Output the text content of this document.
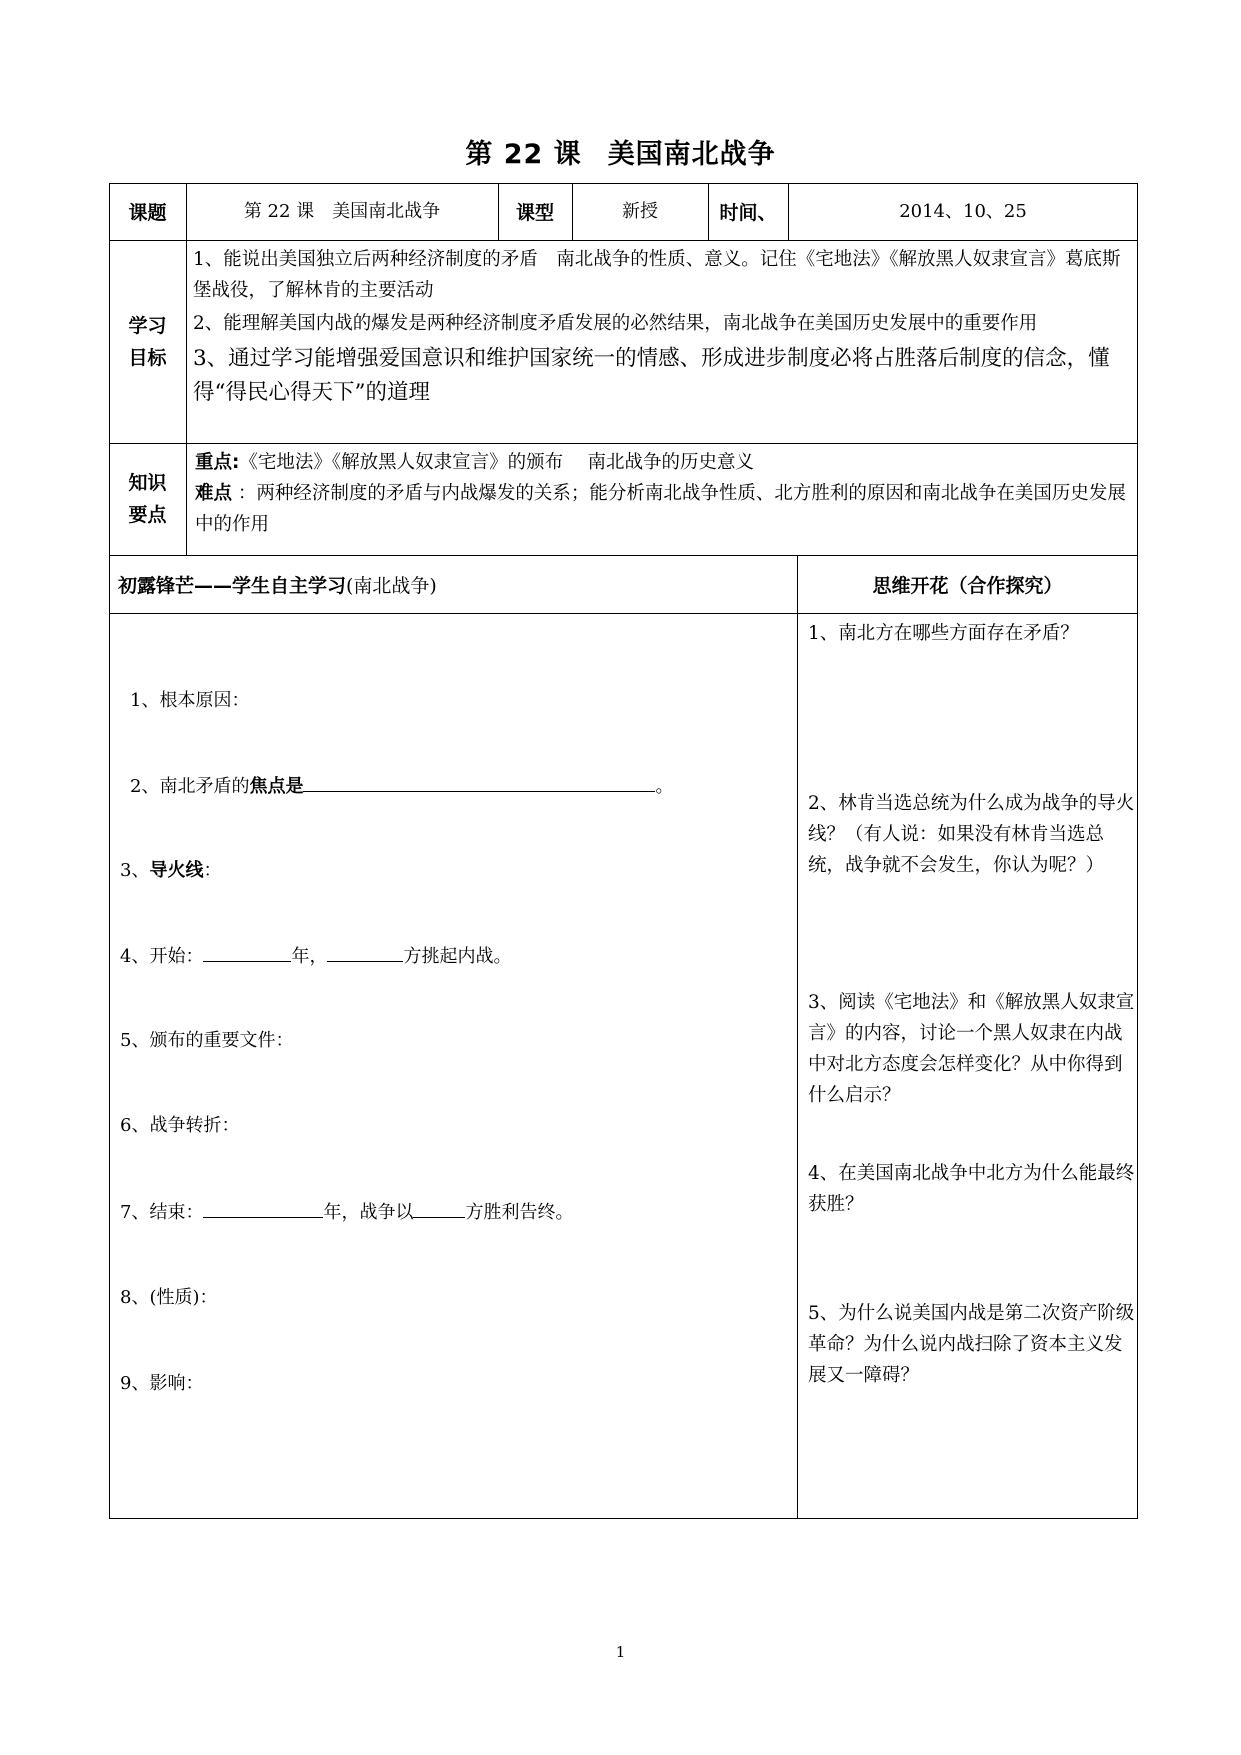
第 22 课 美国南北战争
课题	第 22 课　美国南北战争	课型	新授	时间、	2014、10、25
学习
目标
1、能说出美国独立后两种经济制度的矛盾　南北战争的性质、意义。记住《宅地法》《解放黑人奴隶宣言》葛底斯堡战役，了解林肯的主要活动
2、能理解美国内战的爆发是两种经济制度矛盾发展的必然结果，南北战争在美国历史发展中的重要作用
3、通过学习能增强爱国意识和维护国家统一的情感、形成进步制度必将占胜落后制度的信念，懂得“得民心得天下”的道理
知识
要点
重点:《宅地法》《解放黑人奴隶宣言》的颁布　 南北战争的历史意义
难点 ：两种经济制度的矛盾与内战爆发的关系；能分析南北战争性质、北方胜利的原因和南北战争在美国历史发展中的作用
初露锋芒——学生自主学习 (南北战争)	思维开花（合作探究）
1、根本原因：
2、南北矛盾的焦点是	。
3、导火线：
4、开始：	年，	方挑起内战。
5、颁布的重要文件：
6、战争转折：
7、结束：	年，战争以	方胜利告终。
8、(性质)：
9、影响：
1、南北方在哪些方面存在矛盾？
2、林肯当选总统为什么成为战争的导火线？（有人说：如果没有林肯当选总统，战争就不会发生，你认为呢？）
3、阅读《宅地法》和《解放黑人奴隶宣言》的内容，讨论一个黑人奴隶在内战中对北方态度会怎样变化？从中你得到什么启示？
4、在美国南北战争中北方为什么能最终获胜？
5、为什么说美国内战是第二次资产阶级革命？为什么说内战扫除了资本主义发展又一障碍？
1
